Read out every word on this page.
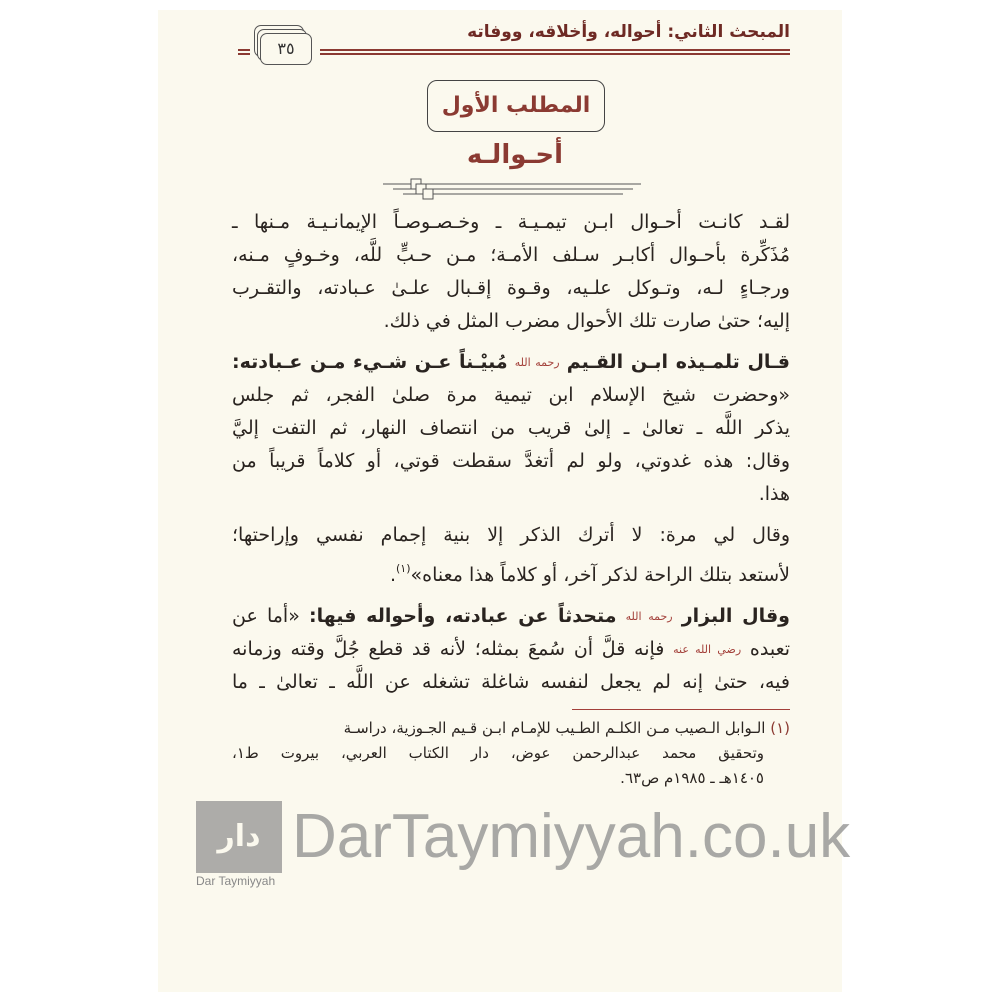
المبحث الثاني: أحواله، وأخلاقه، ووفاته
٣٥
المطلب الأول
أحـوالـه
لقـد كانـت أحـوال ابـن تيمـيـة ـ وخـصـوصـاً الإيمانـيـة مـنها ـ
مُذَكِّرة بأحـوال أكابـر سـلف الأمـة؛ مـن حـبٍّ للَّه، وخـوفٍ مـنه،
ورجـاءٍ لـه، وتـوكل علـيه، وقـوة إقـبال علـىٰ عـبادته، والتقـرب
إليه؛ حتىٰ صارت تلك الأحوال مضرب المثل في ذلك.
قـال تلمـيذه ابـن القـيم رحمه الله مُبيْـناً عـن شـيء مـن عـبادته:
«وحضرت شيخ الإسلام ابن تيمية مرة صلىٰ الفجر، ثم جلس
يذكر اللَّه ـ تعالىٰ ـ إلىٰ قريب من انتصاف النهار، ثم التفت إليَّ
وقال: هذه غدوتي، ولو لم أتغدَّ سقطت قوتي، أو كلاماً قريباً من
هذا.
وقال لي مرة: لا أترك الذكر إلا بنية إجمام نفسي وإراحتها؛
لأستعد بتلك الراحة لذكر آخر، أو كلاماً هذا معناه»$^{(١)}$.
وقال البزار رحمه الله متحدثاً عن عبادته، وأحواله فيها: «أما عن
تعبده رضي الله عنه فإنه قلَّ أن سُمعَ بمثله؛ لأنه قد قطع جُلَّ وقته وزمانه
فيه، حتىٰ إنه لم يجعل لنفسه شاغلة تشغله عن اللَّه ـ تعالىٰ ـ ما
(١) الـوابل الـصيب مـن الكلـم الطـيب للإمـام ابـن قـيم الجـوزية، دراسـة
وتحقيق محمد عبدالرحمن عوض، دار الكتاب العربي، بيروت ط١،
١٤٠٥هـ ـ ١٩٨٥م ص٦٣.
دار تيمية
Dar Taymiyyah
DarTaymiyyah.co.uk
